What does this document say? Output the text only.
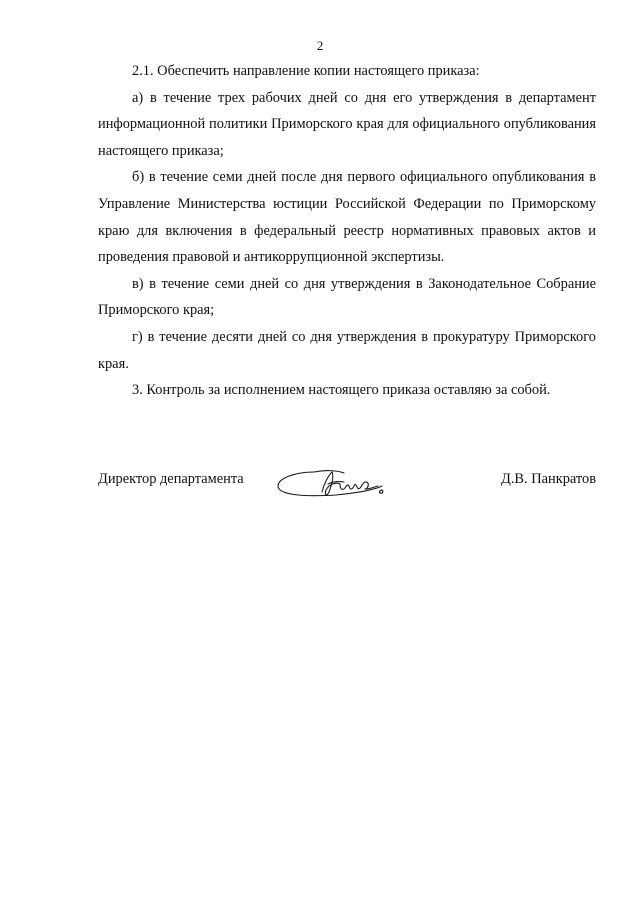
2

2.1. Обеспечить направление копии настоящего приказа:

а) в течение трех рабочих дней со дня его утверждения в департамент информационной политики Приморского края для официального опубликования настоящего приказа;

б) в течение семи дней после дня первого официального опубликования в Управление Министерства юстиции Российской Федерации по Приморскому краю для включения в федеральный реестр нормативных правовых актов и проведения правовой и антикоррупционной экспертизы.

в) в течение семи дней со дня утверждения в Законодательное Собрание Приморского края;

г) в течение десяти дней со дня утверждения в прокуратуру Приморского края.

3. Контроль за исполнением настоящего приказа оставляю за собой.

Директор департамента	Д.В. Панкратов
